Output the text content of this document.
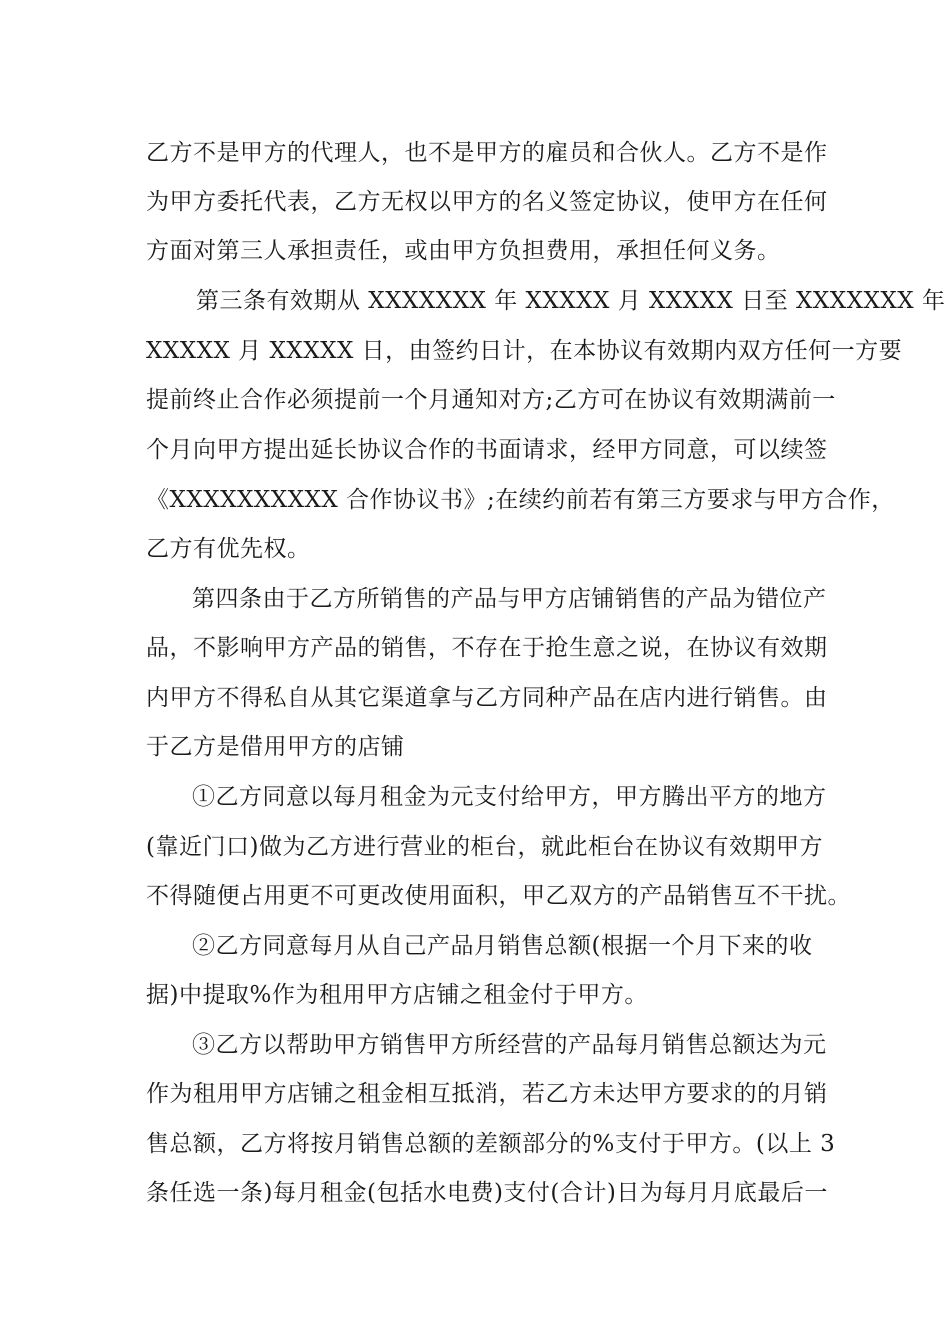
乙方不是甲方的代理人，也不是甲方的雇员和合伙人。乙方不是作
为甲方委托代表，乙方无权以甲方的名义签定协议，使甲方在任何
方面对第三人承担责任，或由甲方负担费用，承担任何义务。
第三条有效期从 XXXXXXX 年 XXXXX 月 XXXXX 日至 XXXXXXX 年
XXXXX 月 XXXXX 日，由签约日计，在本协议有效期内双方任何一方要
提前终止合作必须提前一个月通知对方;乙方可在协议有效期满前一
个月向甲方提出延长协议合作的书面请求，经甲方同意，可以续签
《XXXXXXXXXX 合作协议书》;在续约前若有第三方要求与甲方合作，
乙方有优先权。
第四条由于乙方所销售的产品与甲方店铺销售的产品为错位产
品，不影响甲方产品的销售，不存在于抢生意之说，在协议有效期
内甲方不得私自从其它渠道拿与乙方同种产品在店内进行销售。由
于乙方是借用甲方的店铺
①乙方同意以每月租金为元支付给甲方，甲方腾出平方的地方
(靠近门口)做为乙方进行营业的柜台，就此柜台在协议有效期甲方
不得随便占用更不可更改使用面积，甲乙双方的产品销售互不干扰。
②乙方同意每月从自己产品月销售总额(根据一个月下来的收
据)中提取%作为租用甲方店铺之租金付于甲方。
③乙方以帮助甲方销售甲方所经营的产品每月销售总额达为元
作为租用甲方店铺之租金相互抵消，若乙方未达甲方要求的的月销
售总额，乙方将按月销售总额的差额部分的%支付于甲方。(以上 3
条任选一条)每月租金(包括水电费)支付(合计)日为每月月底最后一
